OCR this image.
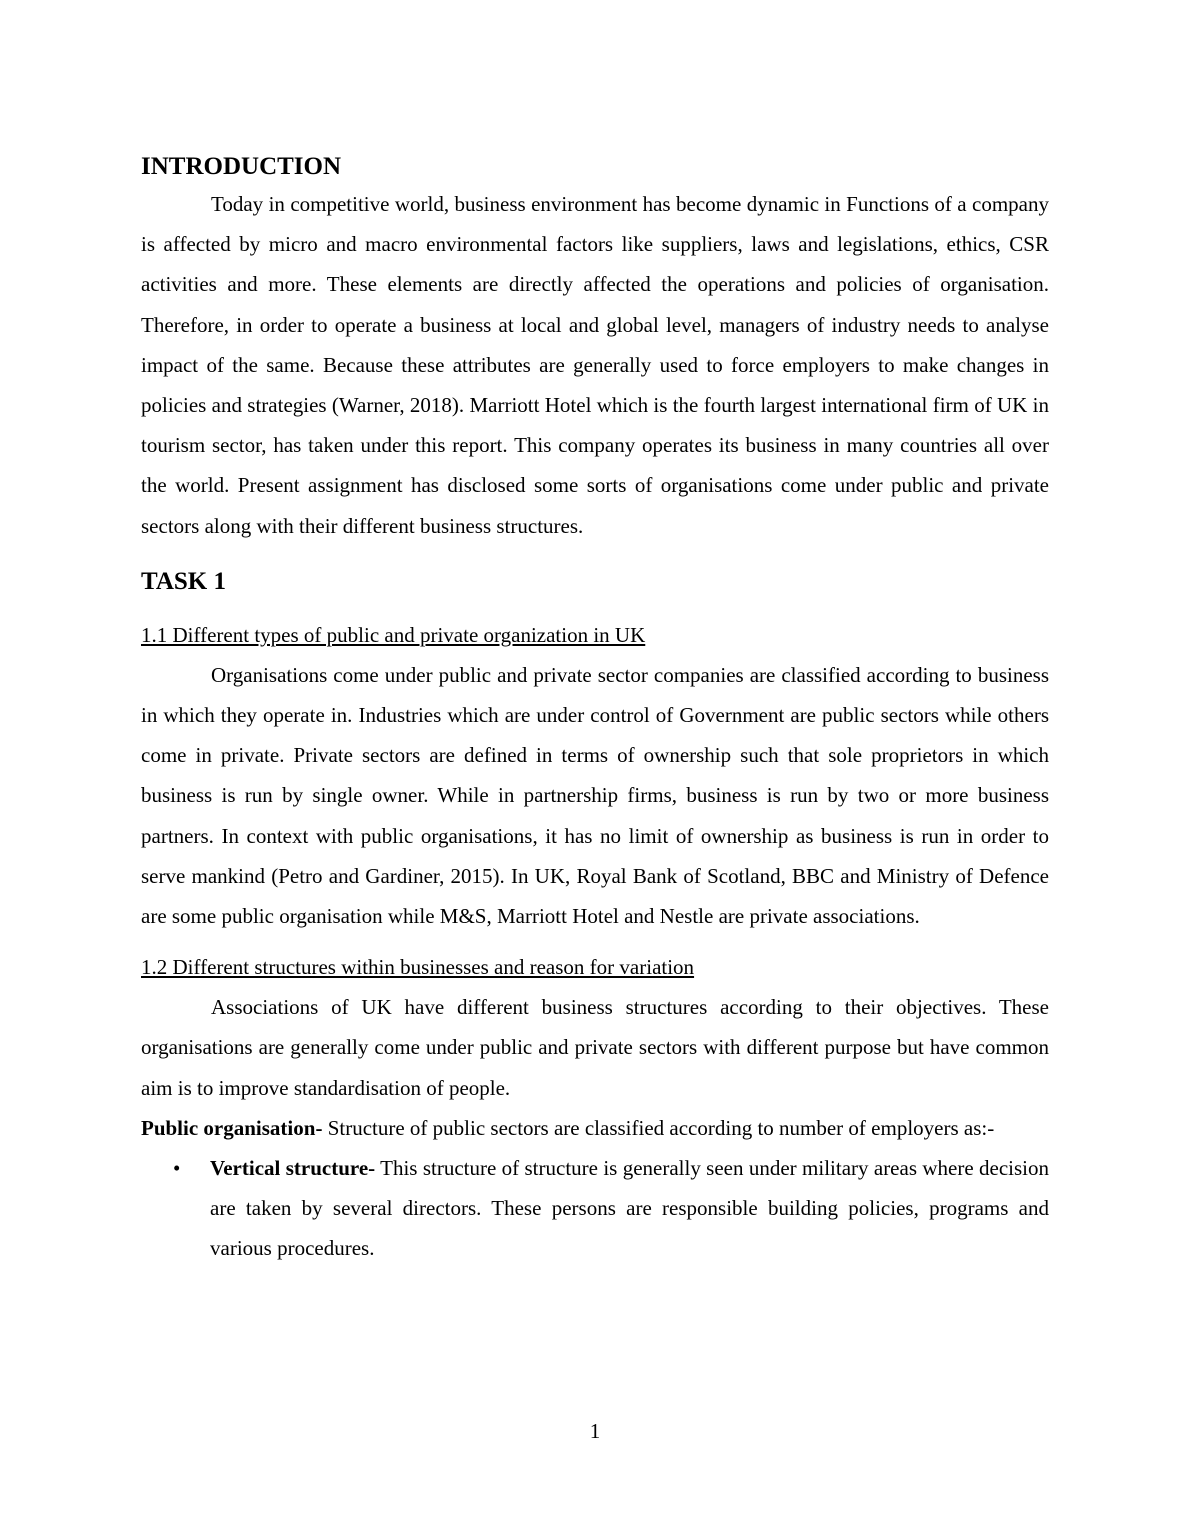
INTRODUCTION

Today in competitive world, business environment has become dynamic in Functions of a company is affected by micro and macro environmental factors like suppliers, laws and legislations, ethics, CSR activities and more. These elements are directly affected the operations and policies of organisation. Therefore, in order to operate a business at local and global level, managers of industry needs to analyse impact of the same. Because these attributes are generally used to force employers to make changes in policies and strategies (Warner, 2018). Marriott Hotel which is the fourth largest international firm of UK in tourism sector, has taken under this report. This company operates its business in many countries all over the world. Present assignment has disclosed some sorts of organisations come under public and private sectors along with their different business structures.

TASK 1

1.1 Different types of public and private organization in UK

Organisations come under public and private sector companies are classified according to business in which they operate in. Industries which are under control of Government are public sectors while others come in private. Private sectors are defined in terms of ownership such that sole proprietors in which business is run by single owner. While in partnership firms, business is run by two or more business partners. In context with public organisations, it has no limit of ownership as business is run in order to serve mankind (Petro and Gardiner, 2015). In UK, Royal Bank of Scotland, BBC and Ministry of Defence are some public organisation while M&S, Marriott Hotel and Nestle are private associations.

1.2 Different structures within businesses and reason for variation

Associations of UK have different business structures according to their objectives. These organisations are generally come under public and private sectors with different purpose but have common aim is to improve standardisation of people.

Public organisation- Structure of public sectors are classified according to number of employers as:-

• Vertical structure- This structure of structure is generally seen under military areas where decision are taken by several directors. These persons are responsible building policies, programs and various procedures.
1
